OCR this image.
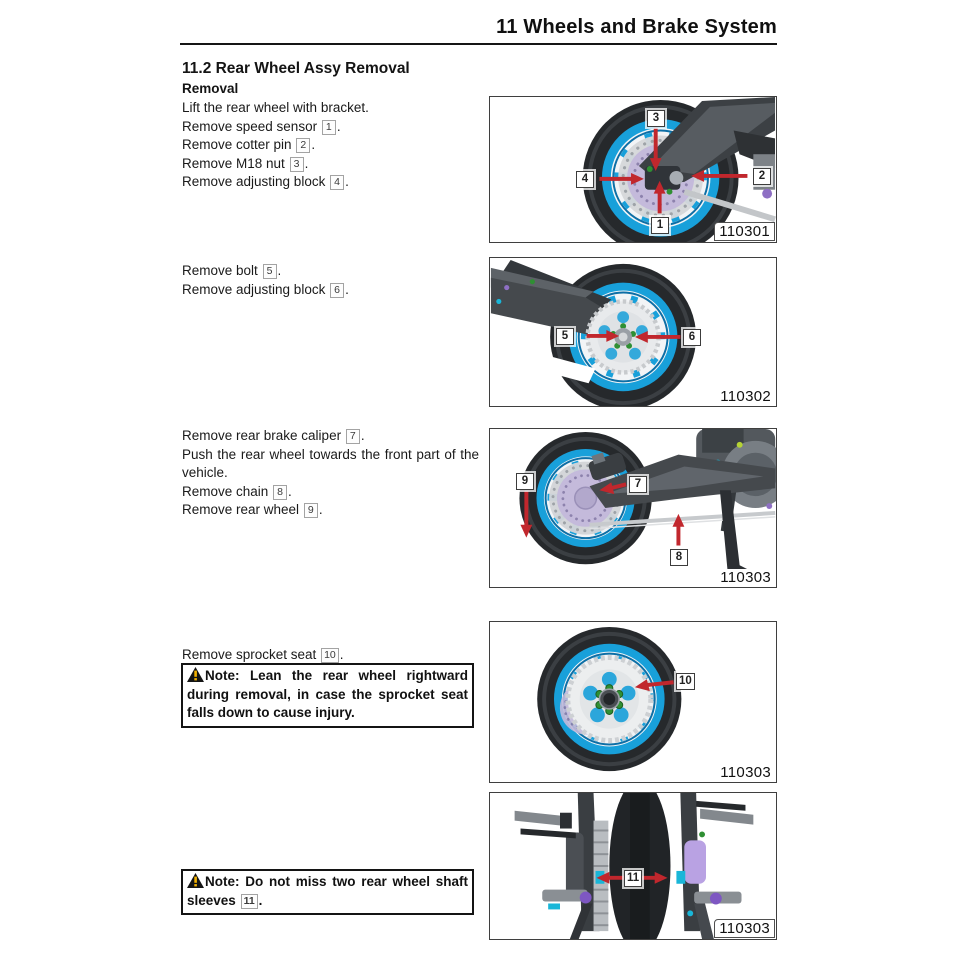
11 Wheels and Brake System
11.2 Rear Wheel Assy Removal
Removal
Lift the rear wheel with bracket.
Remove speed sensor 1 .
Remove cotter pin 2 .
Remove M18 nut 3 .
Remove adjusting block 4 .
Remove bolt 5 .
Remove adjusting block 6 .
Remove rear brake caliper 7 .
Push the rear wheel towards the front part of the vehicle.
Remove chain 8 .
Remove rear wheel 9 .
Remove sprocket seat 10 .
Note: Lean the rear wheel rightward during removal, in case the sprocket seat falls down to cause injury.
Note: Do not miss two rear wheel shaft sleeves 11 .
3
2
4
1	110301
5	6
110302
9	7
8
110303
10
110303
11
110303
